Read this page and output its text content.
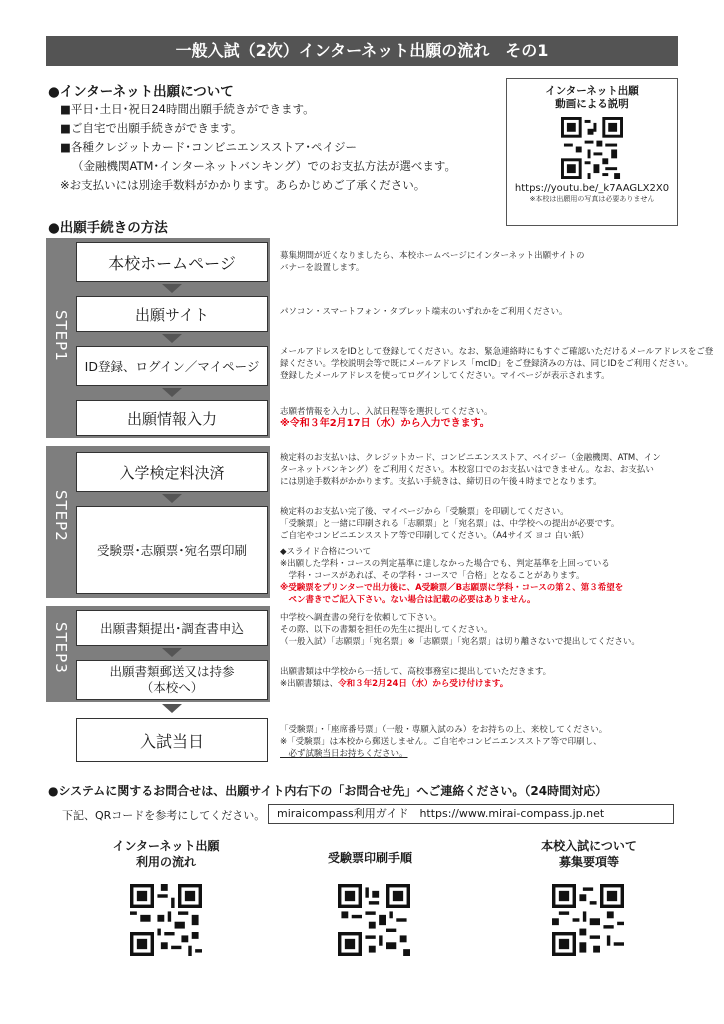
一般入試（2次）インターネット出願の流れ　その1
●インターネット出願について
■平日･土日･祝日24時間出願手続きができます。
■ご自宅で出願手続きができます。
■各種クレジットカード･コンビニエンスストア･ペイジー
（金融機関ATM･インターネットバンキング）でのお支払方法が選べます。
※お支払いには別途手数料がかかります。あらかじめご了承ください。
インターネット出願
動画による説明
https://youtu.be/_k7AAGLX2X0
※本校は出願用の写真は必要ありません
●出願手続きの方法
STEP1
STEP2
STEP3
本校ホームページ
出願サイト
ID登録、ログイン／マイページ
出願情報入力
入学検定料決済
受験票･志願票･宛名票印刷
出願書類提出･調査書申込
出願書類郵送又は持参
（本校へ）
入試当日
募集期間が近くなりましたら、本校ホームページにインターネット出願サイトの
バナーを設置します。
パソコン・スマートフォン・タブレット端末のいずれかをご利用ください。
メールアドレスをIDとして登録してください。なお、緊急連絡時にもすぐご確認いただけるメールアドレスをご登
録ください。学校説明会等で既にメールアドレス「mcID」をご登録済みの方は、同じIDをご利用ください。
登録したメールアドレスを使ってログインしてください。マイページが表示されます。
志願者情報を入力し、入試日程等を選択してください。
※令和３年2月17日（水）から入力できます。
検定料のお支払いは、クレジットカード、コンビニエンスストア、ペイジー（金融機関、ATM、イン
ターネットバンキング）をご利用ください。本校窓口でのお支払いはできません。なお、お支払い
には別途手数料がかかります。支払い手続きは、締切日の午後４時までとなります。
検定料のお支払い完了後、マイページから「受験票」を印刷してください。
「受験票」と一緒に印刷される「志願票」と「宛名票」は、中学校への提出が必要です。
ご自宅やコンビニエンスストア等で印刷してください。（A4サイズ ヨコ 白い紙）
◆スライド合格について
※出願した学科・コースの判定基準に達しなかった場合でも、判定基準を上回っている
　学科・コースがあれば、その学科・コースで「合格」となることがあります。
※受験票をプリンターで出力後に、A受験票／B志願票に学科・コースの第２、第３希望を
　ペン書きでご記入下さい。ない場合は記載の必要はありません。
中学校へ調査書の発行を依頼して下さい。
その際、以下の書類を担任の先生に提出してください。
（一般入試）「志願票」「宛名票」※「志願票」「宛名票」は切り離さないで提出してください。
出願書類は中学校から一括して、高校事務室に提出していただきます。
※出願書類は、令和３年2月24日（水）から受け付けます。
「受験票」・「座席番号票」（一般・専願入試のみ）をお持ちの上、来校してください。
※「受験票」は本校から郵送しません。ご自宅やコンビニエンスストア等で印刷し、
　必ず試験当日お持ちください。
●システムに関するお問合せは、出願サイト内右下の「お問合せ先」へご連絡ください。（24時間対応）
下記、QRコードを参考にしてください。	miraicompass利用ガイド　https://www.mirai-compass.jp.net
インターネット出願
利用の流れ	受験票印刷手順
本校入試について
募集要項等
